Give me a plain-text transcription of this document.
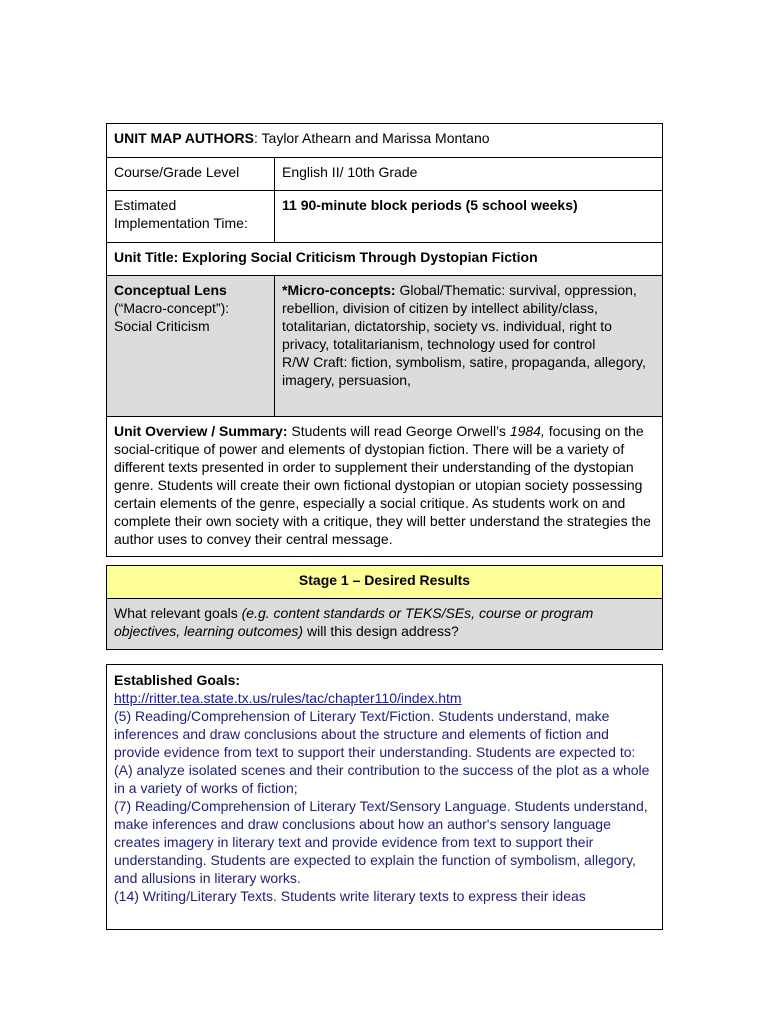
UNIT MAP AUTHORS: Taylor Athearn and Marissa Montano
Course/Grade Level	English II/ 10th Grade
Estimated Implementation Time:
11 90-minute block periods (5 school weeks)
Unit Title: Exploring Social Criticism Through Dystopian Fiction
Conceptual Lens
(“Macro-concept”):
Social Criticism
*Micro-concepts: Global/Thematic: survival, oppression, rebellion, division of citizen by intellect ability/class, totalitarian, dictatorship, society vs. individual, right to privacy, totalitarianism, technology used for control
R/W Craft: fiction, symbolism, satire, propaganda, allegory, imagery, persuasion,
Unit Overview / Summary: Students will read George Orwell’s 1984, focusing on the social-critique of power and elements of dystopian fiction. There will be a variety of different texts presented in order to supplement their understanding of the dystopian genre. Students will create their own fictional dystopian or utopian society possessing certain elements of the genre, especially a social critique. As students work on and complete their own society with a critique, they will better understand the strategies the author uses to convey their central message.
Stage 1 – Desired Results
What relevant goals (e.g. content standards or TEKS/SEs, course or program objectives, learning outcomes) will this design address?
Established Goals:
http://ritter.tea.state.tx.us/rules/tac/chapter110/index.htm
(5) Reading/Comprehension of Literary Text/Fiction. Students understand, make inferences and draw conclusions about the structure and elements of fiction and provide evidence from text to support their understanding. Students are expected to:
(A) analyze isolated scenes and their contribution to the success of the plot as a whole in a variety of works of fiction;
(7) Reading/Comprehension of Literary Text/Sensory Language. Students understand, make inferences and draw conclusions about how an author's sensory language creates imagery in literary text and provide evidence from text to support their understanding. Students are expected to explain the function of symbolism, allegory, and allusions in literary works.
(14) Writing/Literary Texts. Students write literary texts to express their ideas
